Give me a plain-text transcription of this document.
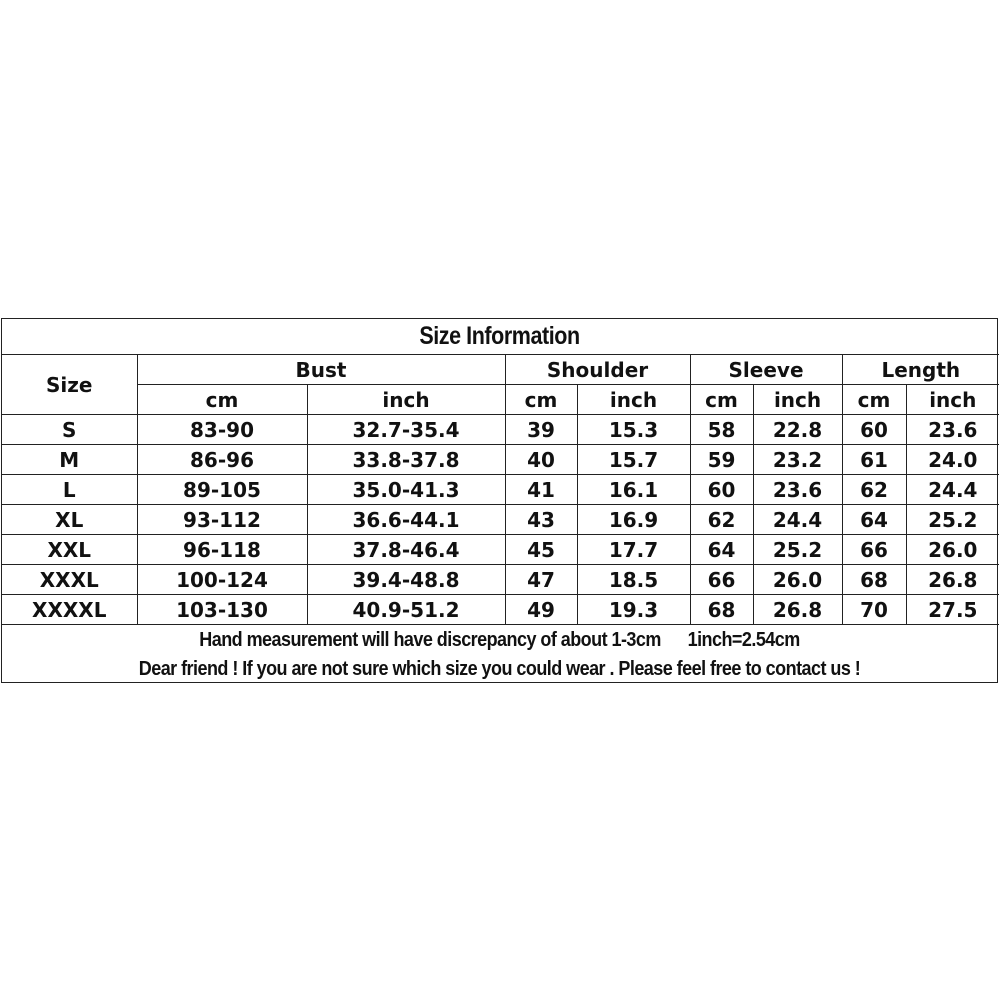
Size Information
Size	Bust		Shoulder		Sleeve		Length	
	cm	inch	cm	inch	cm	inch	cm	inch
S	83-90	32.7-35.4	39	15.3	58	22.8	60	23.6
M	86-96	33.8-37.8	40	15.7	59	23.2	61	24.0
L	89-105	35.0-41.3	41	16.1	60	23.6	62	24.4
XL	93-112	36.6-44.1	43	16.9	62	24.4	64	25.2
XXL	96-118	37.8-46.4	45	17.7	64	25.2	66	26.0
XXXL	100-124	39.4-48.8	47	18.5	66	26.0	68	26.8
XXXXL	103-130	40.9-51.2	49	19.3	68	26.8	70	27.5
Hand measurement will have discrepancy of about 1-3cm      1inch=2.54cm
Dear friend ! If you are not sure which size you could wear . Please feel free to contact us !
